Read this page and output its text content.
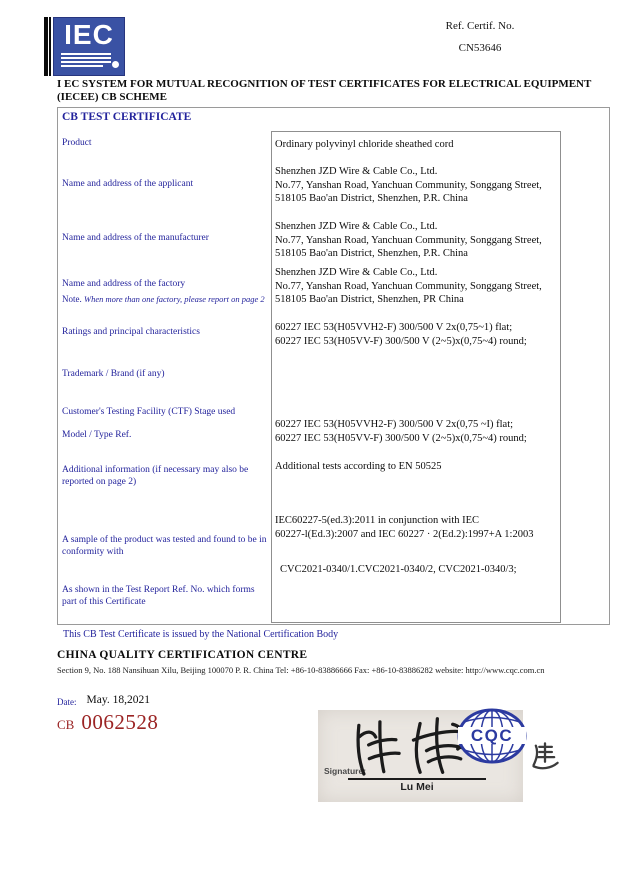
IEC	Ref. Certif. No.
CN53646
I EC SYSTEM FOR MUTUAL RECOGNITION OF TEST CERTIFICATES FOR ELECTRICAL EQUIPMENT
(IECEE) CB SCHEME
CB TEST CERTIFICATE
Product
Name and address of the applicant
Name and address of the manufacturer
Name and address of the factory
Note. When more than one factory, please report on page 2
Ratings and principal characteristics
Trademark / Brand (if any)
Customer's Testing Facility (CTF) Stage used
Model / Type Ref.
Additional information (if necessary may also be reported on page 2)
A sample of the product was tested and found to be in conformity with
As shown in the Test Report Ref. No. which forms part of this Certificate
Ordinary polyvinyl chloride sheathed cord
Shenzhen JZD Wire & Cable Co., Ltd.
No.77, Yanshan Road, Yanchuan Community, Songgang Street,
518105 Bao'an District, Shenzhen, P.R. China
Shenzhen JZD Wire & Cable Co., Ltd.
No.77, Yanshan Road, Yanchuan Community, Songgang Street,
518105 Bao'an District, Shenzhen, P.R. China
Shenzhen JZD Wire & Cable Co., Ltd.
No.77, Yanshan Road, Yanchuan Community, Songgang Street,
518105 Bao'an District, Shenzhen, PR China
60227 IEC 53(H05VVH2-F) 300/500 V 2x(0,75~1) flat;
60227 IEC 53(H05VV-F) 300/500 V (2~5)x(0,75~4) round;
60227 IEC 53(H05VVH2-F) 300/500 V 2x(0,75 ~I) flat;
60227 IEC 53(H05VV-F) 300/500 V (2~5)x(0,75~4) round;
Additional tests according to EN 50525
IEC60227-5(ed.3):2011 in conjunction with IEC
60227-l(Ed.3):2007 and IEC 60227 · 2(Ed.2):1997+A 1:2003
CVC2021-0340/1.CVC2021-0340/2, CVC2021-0340/3;
This CB Test Certificate is issued by the National Certification Body
CHINA QUALITY CERTIFICATION CENTRE
Section 9, No. 188 Nansihuan Xilu, Beijing 100070 P. R. China Tel: +86-10-83886666 Fax: +86-10-83886282 website: http://www.cqc.com.cn
Date: May. 18,2021
CB 0062528
Signature:
Lu Mei
CQC
